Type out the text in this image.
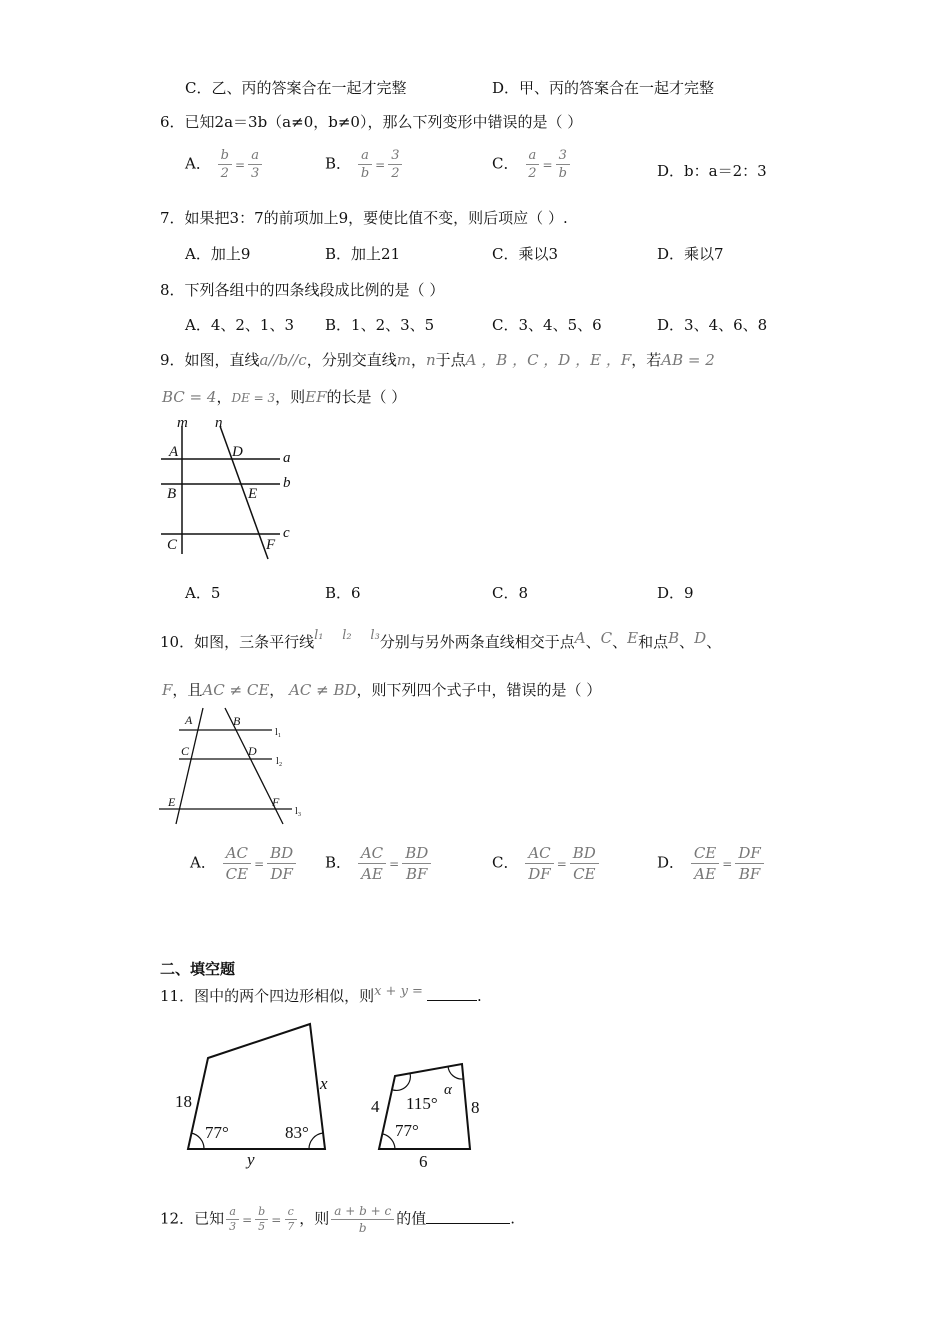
C．乙、丙的答案合在一起才完整	D．甲、丙的答案合在一起才完整
6．已知2a＝3b（a≠0，b≠0），那么下列变形中错误的是（ ）
A． $\frac{b}{2} = \frac{a}{3}$	B． $\frac{a}{b} = \frac{3}{2}$	C． $\frac{a}{2} = \frac{3}{b}$	D．b：a＝2：3
7．如果把3：7的前项加上9，要使比值不变，则后项应（ ）.
A．加上9	B．加上21	C．乘以3	D．乘以7
8．下列各组中的四条线段成比例的是（ ）
A．4、2、1、3 B．1、2、3、5	C．3、4、5、6	D．3、4、6、8
9．如图，直线a//b//c，分别交直线m，n于点A ，B ，C ，D ，E ，F，若AB = 2
BC = 4，DE = 3，则EF的长是（ ）
m n
A	D	a
B	E
b
C	F
c
A．5	B．6	C．8	D．9
10．如图，三条平行线l₁ l₂ l₃分别与另外两条直线相交于点A、C、E和点B、D、
F，且AC ≠ CE， AC ≠ BD，则下列四个式子中，错误的是（ ）
A	B
C	D
E	F
l₁
l₂
l₃
A． $\frac{AC}{CE} = \frac{BD}{DF}$ B． $\frac{AC}{AE} = \frac{BD}{BF}$	C． $\frac{AC}{DF} = \frac{BD}{CE}$	D． $\frac{CE}{AE} = \frac{DF}{BF}$
二、填空题
11．图中的两个四边形相似，则x + y =	.
18
77°	83°
x
y
4 115°
α
8
77°
6
12．已知 $\frac{a}{3} = \frac{b}{5} = \frac{c}{7}$ ，则 $\frac{a + b + c}{b}$ 的值	.
